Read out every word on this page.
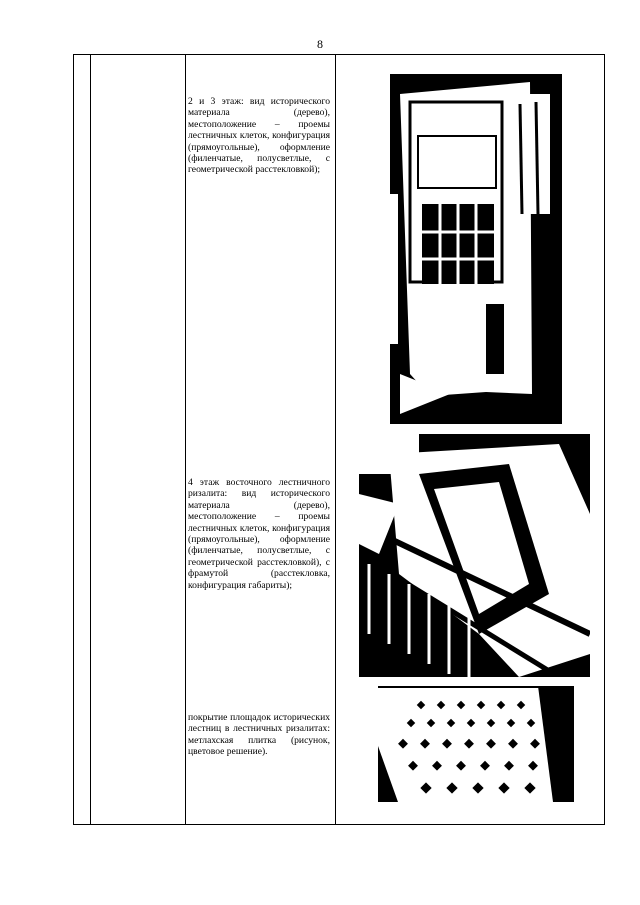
8
2 и 3 этаж: вид исторического материала (дерево), местоположение – проемы лестничных клеток, конфигурация (прямоугольные), оформление (филенчатые, полусветлые, с геометрической расстекловкой);
4 этаж восточного лестничного ризалита: вид исторического материала (дерево), местоположение – проемы лестничных клеток, конфигурация (прямоугольные), оформление (филенчатые, полусветлые, с геометрической расстекловкой), с фрамутой (расстекловка, конфигурация габариты);
покрытие площадок исторических лестниц в лестничных ризалитах: метлахская плитка (рисунок, цветовое решение).
